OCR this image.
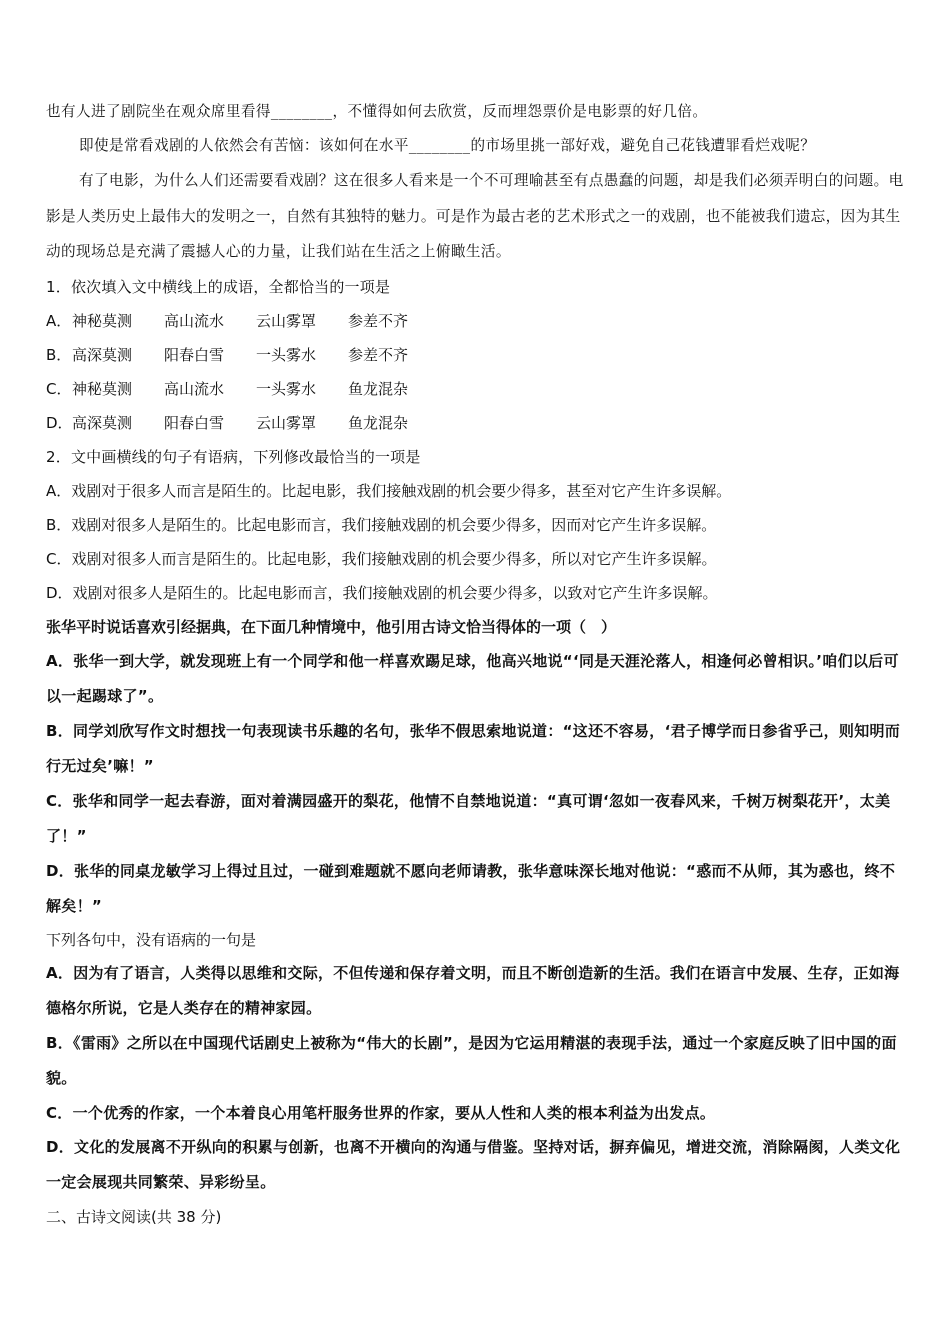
也有人进了剧院坐在观众席里看得________，不懂得如何去欣赏，反而埋怨票价是电影票的好几倍。

即使是常看戏剧的人依然会有苦恼：该如何在水平________的市场里挑一部好戏，避免自己花钱遭罪看烂戏呢？

有了电影，为什么人们还需要看戏剧？这在很多人看来是一个不可理喻甚至有点愚蠢的问题，却是我们必须弄明白的问题。电影是人类历史上最伟大的发明之一，自然有其独特的魅力。可是作为最古老的艺术形式之一的戏剧，也不能被我们遗忘，因为其生动的现场总是充满了震撼人心的力量，让我们站在生活之上俯瞰生活。

1．依次填入文中横线上的成语，全都恰当的一项是

A．神秘莫测 高山流水 云山雾罩 参差不齐
B．高深莫测 阳春白雪 一头雾水 参差不齐
C．神秘莫测 高山流水 一头雾水 鱼龙混杂
D．高深莫测 阳春白雪 云山雾罩 鱼龙混杂

2．文中画横线的句子有语病，下列修改最恰当的一项是

A．戏剧对于很多人而言是陌生的。比起电影，我们接触戏剧的机会要少得多，甚至对它产生许多误解。

B．戏剧对很多人是陌生的。比起电影而言，我们接触戏剧的机会要少得多，因而对它产生许多误解。

C．戏剧对很多人而言是陌生的。比起电影，我们接触戏剧的机会要少得多，所以对它产生许多误解。

D．戏剧对很多人是陌生的。比起电影而言，我们接触戏剧的机会要少得多，以致对它产生许多误解。

张华平时说话喜欢引经据典，在下面几种情境中，他引用古诗文恰当得体的一项（　）

A．张华一到大学，就发现班上有一个同学和他一样喜欢踢足球，他高兴地说“‘同是天涯沦落人，相逢何必曾相识。’咱们以后可以一起踢球了”。

B．同学刘欣写作文时想找一句表现读书乐趣的名句，张华不假思索地说道：“这还不容易，‘君子博学而日参省乎己，则知明而行无过矣’嘛！”

C．张华和同学一起去春游，面对着满园盛开的梨花，他情不自禁地说道：“真可谓‘忽如一夜春风来，千树万树梨花开’，太美了！”

D．张华的同桌龙敏学习上得过且过，一碰到难题就不愿向老师请教，张华意味深长地对他说：“惑而不从师，其为惑也，终不解矣！”

下列各句中，没有语病的一句是

A．因为有了语言，人类得以思维和交际，不但传递和保存着文明，而且不断创造新的生活。我们在语言中发展、生存，正如海德格尔所说，它是人类存在的精神家园。

B．《雷雨》之所以在中国现代话剧史上被称为“伟大的长剧”，是因为它运用精湛的表现手法，通过一个家庭反映了旧中国的面貌。

C．一个优秀的作家，一个本着良心用笔杆服务世界的作家，要从人性和人类的根本利益为出发点。

D．文化的发展离不开纵向的积累与创新，也离不开横向的沟通与借鉴。坚持对话，摒弃偏见，增进交流，消除隔阂，人类文化一定会展现共同繁荣、异彩纷呈。

二、古诗文阅读(共 38 分)
